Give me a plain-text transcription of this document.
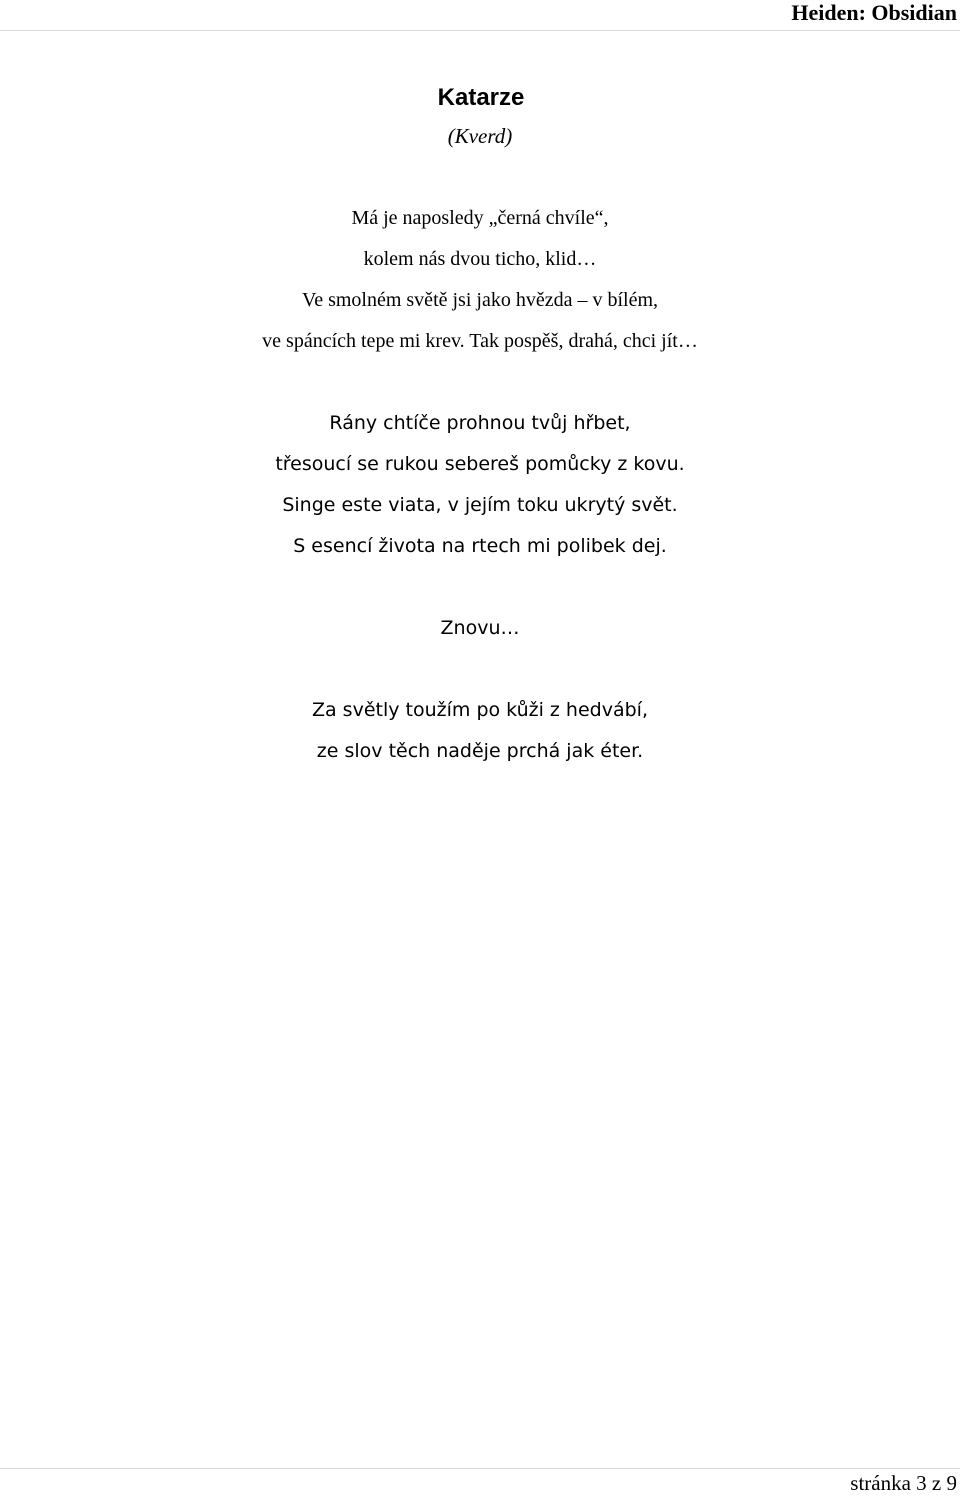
Heiden: Obsidian
Katarze

(Kverd)

Má je naposledy „černá chvíle“,

kolem nás dvou ticho, klid…

Ve smolném světě jsi jako hvězda – v bílém,

ve spáncích tepe mi krev. Tak pospěš, drahá, chci jít…

Rány chtíče prohnou tvůj hřbet,

třesoucí se rukou sebereš pomůcky z kovu.

Singe este viata, v jejím toku ukrytý svět.

S esencí života na rtech mi polibek dej.

Znovu…

Za světly toužím po kůži z hedvábí,

ze slov těch naděje prchá jak éter.

stránka 3 z 9
